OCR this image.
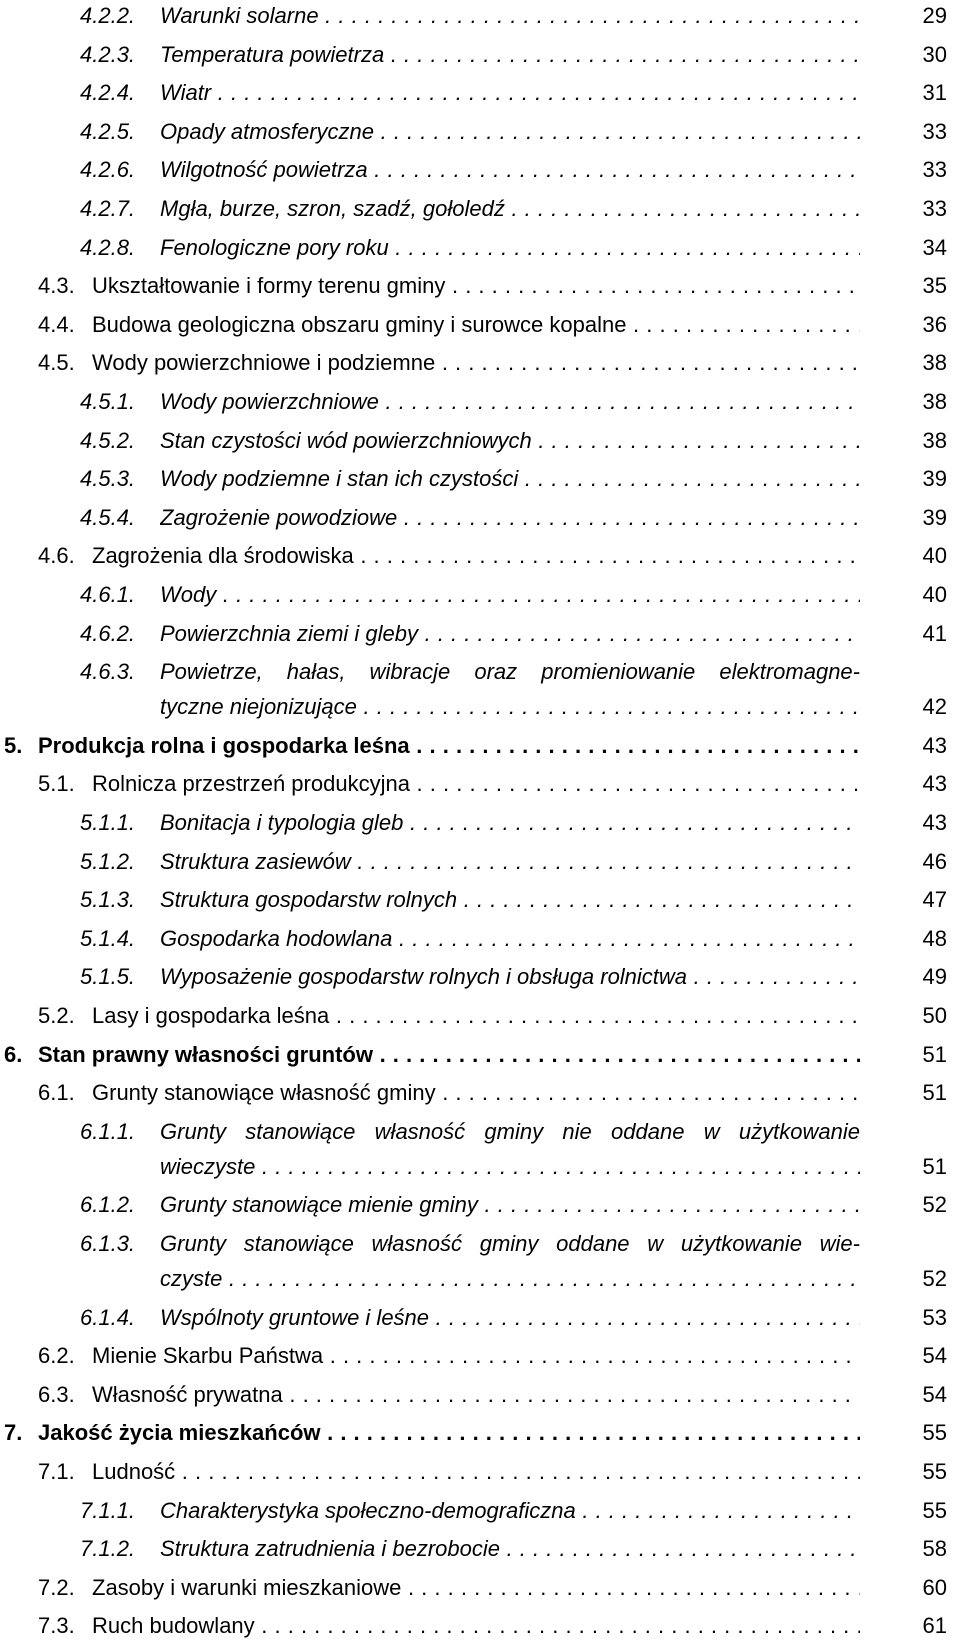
4.2.2. Warunki solarne . . .	29
4.2.3. Temperatura powietrza . . .	30
4.2.4. Wiatr . . .	31
4.2.5. Opady atmosferyczne . . .	33
4.2.6. Wilgotność powietrza . . .	33
4.2.7. Mgła, burze, szron, szadź, gołoledź . . .	33
4.2.8. Fenologiczne pory roku . . .	34
4.3. Ukształtowanie i formy terenu gminy . . .	35
4.4. Budowa geologiczna obszaru gminy i surowce kopalne . . .	36
4.5. Wody powierzchniowe i podziemne . . .	38
4.5.1. Wody powierzchniowe . . .	38
4.5.2. Stan czystości wód powierzchniowych . . .	38
4.5.3. Wody podziemne i stan ich czystości . . .	39
4.5.4. Zagrożenie powodziowe . . .	39
4.6. Zagrożenia dla środowiska . . .	40
4.6.1. Wody . . .	40
4.6.2. Powierzchnia ziemi i gleby . . .	41
4.6.3. Powietrze, hałas, wibracje oraz promieniowanie elektromagne-
tyczne niejonizujące . . .	42
5. Produkcja rolna i gospodarka leśna . . .	43
5.1. Rolnicza przestrzeń produkcyjna . . .	43
5.1.1. Bonitacja i typologia gleb . . .	43
5.1.2. Struktura zasiewów . . .	46
5.1.3. Struktura gospodarstw rolnych . . .	47
5.1.4. Gospodarka hodowlana . . .	48
5.1.5. Wyposażenie gospodarstw rolnych i obsługa rolnictwa . . .	49
5.2. Lasy i gospodarka leśna . . .	50
6. Stan prawny własności gruntów . . .	51
6.1. Grunty stanowiące własność gminy . . .	51
6.1.1. Grunty stanowiące własność gminy nie oddane w użytkowanie
wieczyste . . .	51
6.1.2. Grunty stanowiące mienie gminy . . .	52
6.1.3. Grunty stanowiące własność gminy oddane w użytkowanie wie-
czyste . . .	52
6.1.4. Wspólnoty gruntowe i leśne . . .	53
6.2. Mienie Skarbu Państwa . . .	54
6.3. Własność prywatna . . .	54
7. Jakość życia mieszkańców . . .	55
7.1. Ludność . . .	55
7.1.1. Charakterystyka społeczno-demograficzna . . .	55
7.1.2. Struktura zatrudnienia i bezrobocie . . .	58
7.2. Zasoby i warunki mieszkaniowe . . .	60
7.3. Ruch budowlany . . .	61
